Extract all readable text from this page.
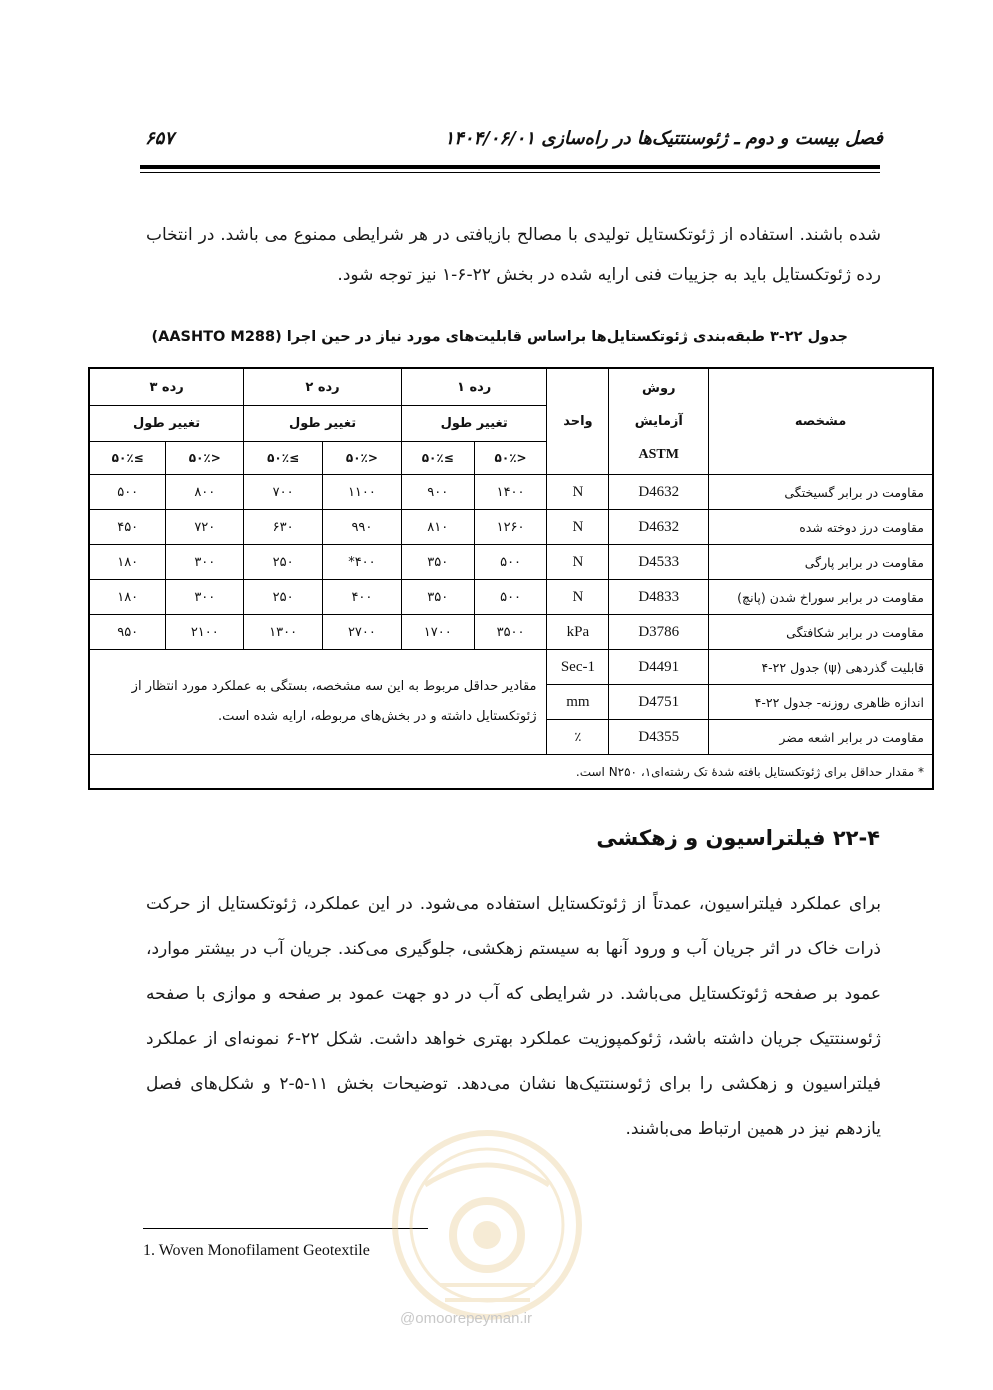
فصل بیست و دوم ـ ژئوسنتتیک‌ها در راه‌سازی ۱۴۰۴/۰۶/۰۱
۶۵۷

شده باشند. استفاده از ژئوتکستایل تولیدی با مصالح بازیافتی در هر شرایطی ممنوع می باشد. در انتخاب رده ژئوتکستایل باید به جزییات فنی ارایه شده در بخش ۲۲-۶-۱ نیز توجه شود.

جدول ۲۲-۳ طبقه‌بندی ژئوتکستایل‌ها براساس قابلیت‌های مورد نیاز در حین اجرا (AASHTO M288)
مشخصه	روش
آزمایش
ASTM	واحد	رده ۱		رده ۲		رده ۳	
			تغییر طول		تغییر طول		تغییر طول	
			<۵۰٪	≥۵۰٪	<۵۰٪	≥۵۰٪	<۵۰٪	≥۵۰٪
مقاومت در برابر گسیختگی	D4632	N	۱۴۰۰	۹۰۰	۱۱۰۰	۷۰۰	۸۰۰	۵۰۰
مقاومت درز دوخته شده	D4632	N	۱۲۶۰	۸۱۰	۹۹۰	۶۳۰	۷۲۰	۴۵۰
مقاومت در برابر پارگی	D4533	N	۵۰۰	۳۵۰	۴۰۰*	۲۵۰	۳۰۰	۱۸۰
مقاومت در برابر سوراخ شدن (پانچ)	D4833	N	۵۰۰	۳۵۰	۴۰۰	۲۵۰	۳۰۰	۱۸۰
مقاومت در برابر شکافتگی	D3786	kPa	۳۵۰۰	۱۷۰۰	۲۷۰۰	۱۳۰۰	۲۱۰۰	۹۵۰
قابلیت گذردهی (ψ) جدول ۲۲-۴	D4491	Sec-1	مقادیر حداقل مربوط به این سه مشخصه، بستگی به عملکرد مورد انتظار از ژئوتکستایل داشته و در بخش‌های مربوطه، ارایه شده است.					
اندازه ظاهری روزنه- جدول ۲۲-۴	D4751	mm						
مقاومت در برابر اشعه مضر	D4355	٪						
* مقدار حداقل برای ژئوتکستایل بافته شدهٔ تک رشته‌ای۱، N۲۵۰ است.								
۲۲-۴ فیلتراسیون و زهکشی

برای عملکرد فیلتراسیون، عمدتاً از ژئوتکستایل استفاده می‌شود. در این عملکرد، ژئوتکستایل از حرکت ذرات خاک در اثر جریان آب و ورود آنها به سیستم زهکشی، جلوگیری می‌کند. جریان آب در بیشتر موارد، عمود بر صفحه ژئوتکستایل می‌باشد. در شرایطی که آب در دو جهت عمود بر صفحه و موازی با صفحه ژئوسنتتیک جریان داشته باشد، ژئوکمپوزیت عملکرد بهتری خواهد داشت. شکل ۲۲-۶ نمونه‌ای از عملکرد فیلتراسیون و زهکشی را برای ژئوسنتتیک‌ها نشان می‌دهد. توضیحات بخش ۱۱-۵-۲ و شکل‌های فصل یازدهم نیز در همین ارتباط می‌باشند.

1. Woven Monofilament Geotextile
@omoorepeyman.ir
